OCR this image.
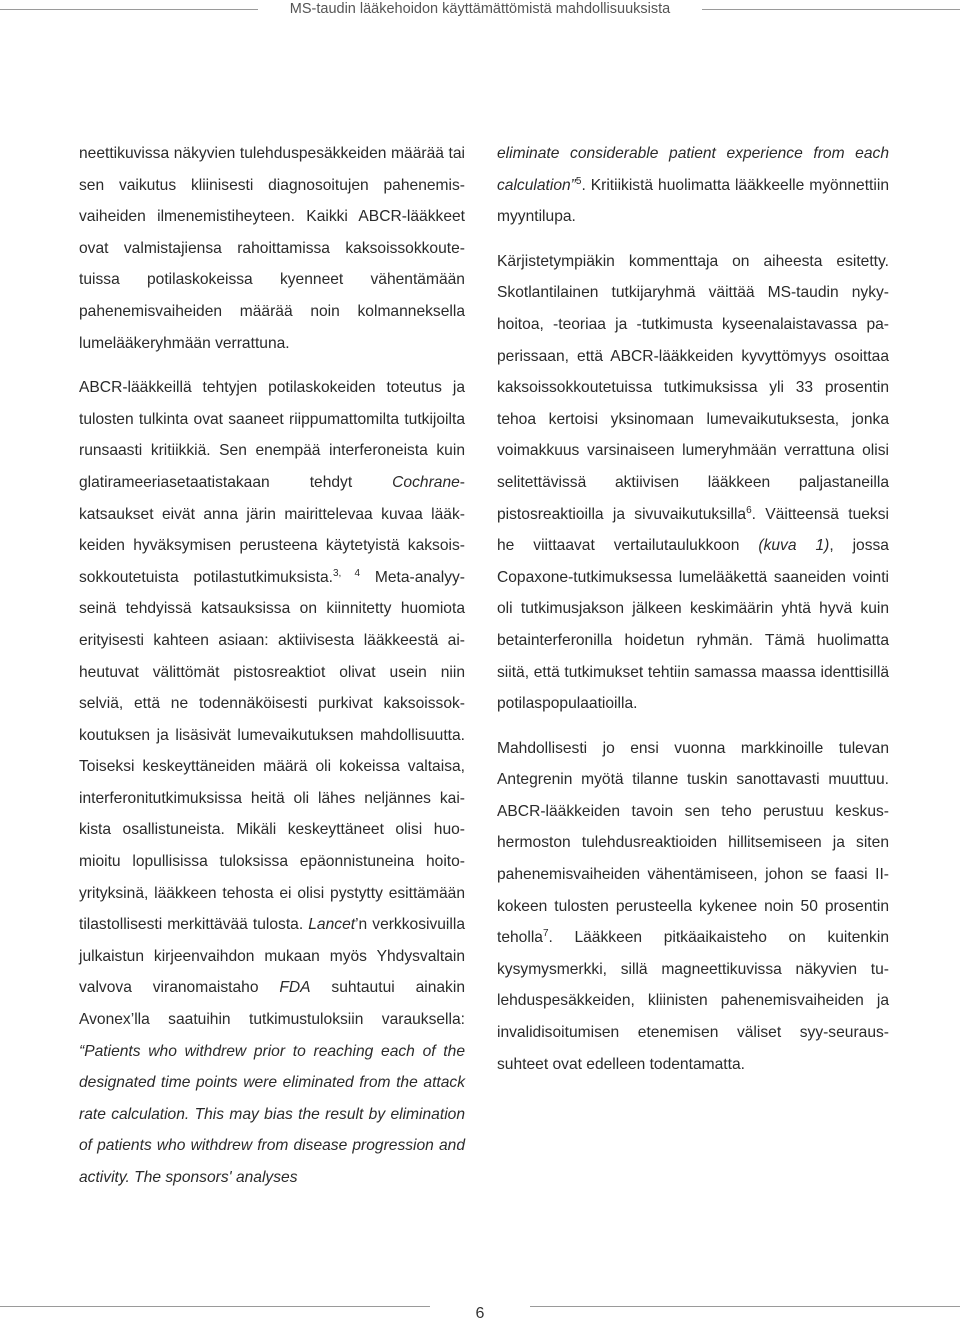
MS-taudin lääkehoidon käyttämättömistä mahdollisuuksista

neettikuvissa näkyvien tulehduspesäkkeiden määrää tai sen vaikutus kliinisesti diagnosoitujen pahenemisvaiheiden ilmenemistiheyteen. Kaikki ABCR-lääkkeet ovat valmistajiensa rahoittamissa kaksoissokkoutetuissa potilaskokeissa kyenneet vähentämään pahenemisvaiheiden määrää noin kolmanneksella lumelääkeryhmään verrattuna.

ABCR-lääkkeillä tehtyjen potilaskokeiden toteutus ja tulosten tulkinta ovat saaneet riippumattomilta tutkijoilta runsaasti kritiikkiä. Sen enempää interferoneista kuin glatirameeriasetaatistakaan tehdyt Cochrane-katsaukset eivät anna järin mairittelevaa kuvaa lääkkeiden hyväksymisen perusteena käytetyistä kaksoissokkoutetuista potilastutkimuksista.$^{3, 4}$ Meta-analyyseinä tehdyissä katsauksissa on kiinnitetty huomiota erityisesti kahteen asiaan: aktiivisesta lääkkeestä aiheutuvat välittömät pistosreaktiot olivat usein niin selviä, että ne todennäköisesti purkivat kaksoissokkoutuksen ja lisäsivät lumevaikutuksen mahdollisuutta. Toiseksi keskeyttäneiden määrä oli kokeissa valtaisa, interferonitutkimuksissa heitä oli lähes neljännes kaikista osallistuneista. Mikäli keskeyttäneet olisi huomioitu lopullisissa tuloksissa epäonnistuneina hoitoyrityksinä, lääkkeen tehosta ei olisi pystytty esittämään tilastollisesti merkittävää tulosta. Lancet’n verkkosivuilla julkaistun kirjeenvaihdon mukaan myös Yhdysvaltain valvova viranomaistaho FDA suhtautui ainakin Avonex’lla saatuihin tutkimustuloksiin varauksella: “Patients who withdrew prior to reaching each of the designated time points were eliminated from the attack rate calculation. This may bias the result by elimination of patients who withdrew from disease progression and activity. The sponsors' analyses

eliminate considerable patient experience from each calculation”$^5$. Kritiikistä huolimatta lääkkeelle myönnettiin myyntilupa.

Kärjistetympiäkin kommenttaja on aiheesta esitetty. Skotlantilainen tutkijaryhmä väittää MS-taudin nykyhoitoa, -teoriaa ja -tutkimusta kyseenalaistavassa paperissaan, että ABCR-lääkkeiden kyvyttömyys osoittaa kaksoissokkoutetuissa tutkimuksissa yli 33 prosentin tehoa kertoisi yksinomaan lumevaikutuksesta, jonka voimakkuus varsinaiseen lumeryhmään verrattuna olisi selitettävissä aktiivisen lääkkeen paljastaneilla pistosreaktioilla ja sivuvaikutuksilla$^6$. Väitteensä tueksi he viittaavat vertailutaulukkoon (kuva 1), jossa Copaxone-tutkimuksessa lumelääkettä saaneiden vointi oli tutkimusjakson jälkeen keskimäärin yhtä hyvä kuin betainterferonilla hoidetun ryhmän. Tämä huolimatta siitä, että tutkimukset tehtiin samassa maassa identtisillä potilaspopulaatioilla.

Mahdollisesti jo ensi vuonna markkinoille tulevan Antegrenin myötä tilanne tuskin sanottavasti muuttuu. ABCR-lääkkeiden tavoin sen teho perustuu keskushermoston tulehdusreaktioiden hillitsemiseen ja siten pahenemisvaiheiden vähentämiseen, johon se faasi II-kokeen tulosten perusteella kykenee noin 50 prosentin teholla$^7$. Lääkkeen pitkäaikaisteho on kuitenkin kysymysmerkki, sillä magneettikuvissa näkyvien tulehduspesäkkeiden, kliinisten pahenemisvaiheiden ja invalidisoitumisen etenemisen väliset syy-seuraussuhteet ovat edelleen todentamatta.

6
